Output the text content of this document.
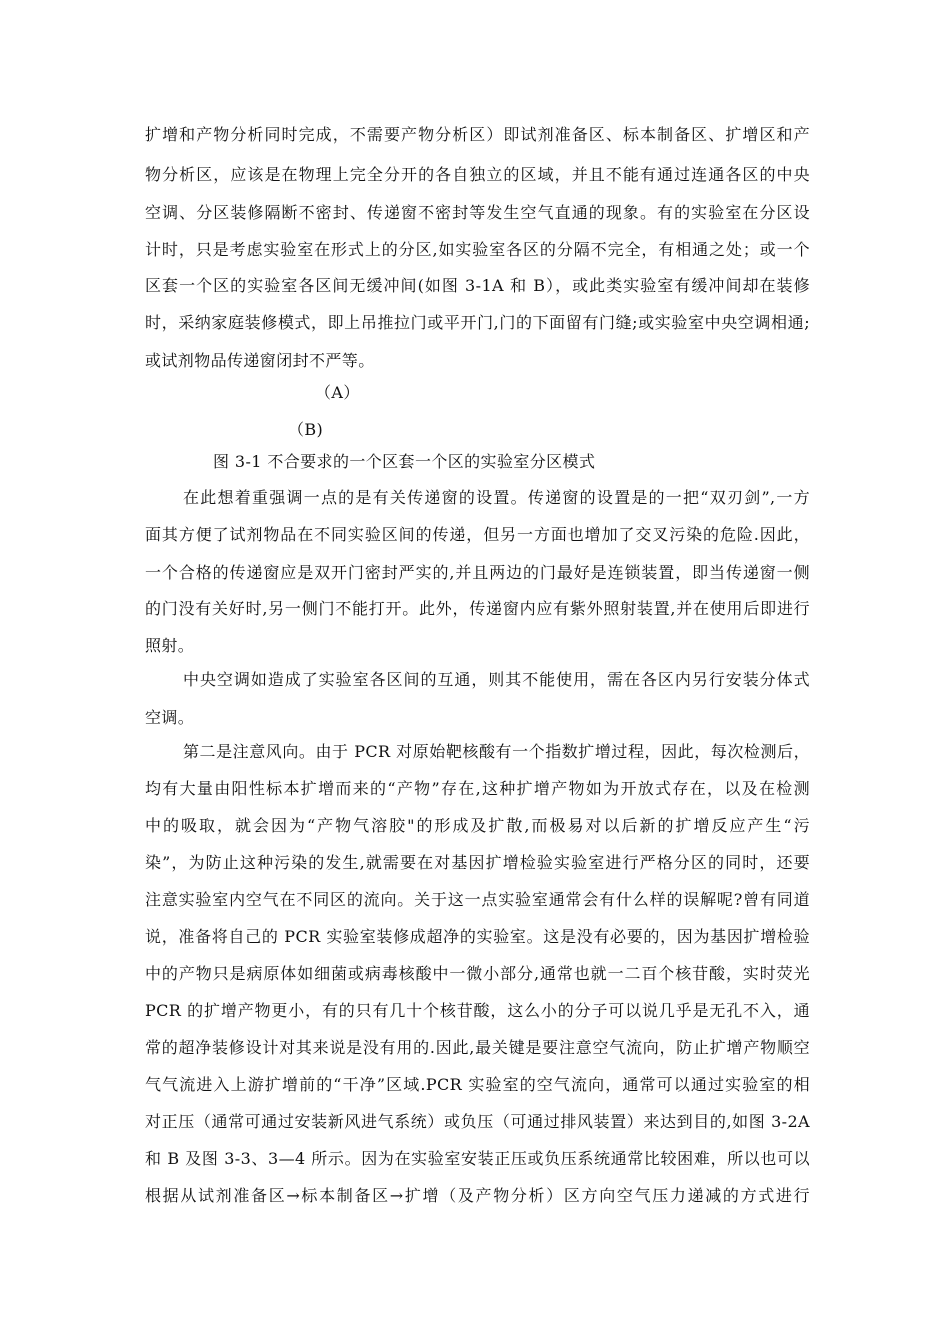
扩增和产物分析同时完成，不需要产物分析区）即试剂准备区、标本制备区、扩增区和产
物分析区，应该是在物理上完全分开的各自独立的区域，并且不能有通过连通各区的中央
空调、分区装修隔断不密封、传递窗不密封等发生空气直通的现象。有的实验室在分区设
计时，只是考虑实验室在形式上的分区,如实验室各区的分隔不完全，有相通之处；或一个
区套一个区的实验室各区间无缓冲间(如图 3-1A 和 B），或此类实验室有缓冲间却在装修
时，采纳家庭装修模式，即上吊推拉门或平开门,门的下面留有门缝;或实验室中央空调相通;
或试剂物品传递窗闭封不严等。
（A）
（B)
图 3-1 不合要求的一个区套一个区的实验室分区模式
在此想着重强调一点的是有关传递窗的设置。传递窗的设置是的一把“双刃剑”,一方
面其方便了试剂物品在不同实验区间的传递，但另一方面也增加了交叉污染的危险.因此，
一个合格的传递窗应是双开门密封严实的,并且两边的门最好是连锁装置，即当传递窗一侧
的门没有关好时,另一侧门不能打开。此外，传递窗内应有紫外照射装置,并在使用后即进行
照射。
中央空调如造成了实验室各区间的互通，则其不能使用，需在各区内另行安装分体式
空调。
第二是注意风向。由于 PCR 对原始靶核酸有一个指数扩增过程，因此，每次检测后，
均有大量由阳性标本扩增而来的“产物”存在,这种扩增产物如为开放式存在，以及在检测
中的吸取，就会因为“产物气溶胶"的形成及扩散,而极易对以后新的扩增反应产生“污
染”，为防止这种污染的发生,就需要在对基因扩增检验实验室进行严格分区的同时，还要
注意实验室内空气在不同区的流向。关于这一点实验室通常会有什么样的误解呢?曾有同道
说，准备将自己的 PCR 实验室装修成超净的实验室。这是没有必要的，因为基因扩增检验
中的产物只是病原体如细菌或病毒核酸中一微小部分,通常也就一二百个核苷酸，实时荧光
PCR 的扩增产物更小，有的只有几十个核苷酸，这么小的分子可以说几乎是无孔不入，通
常的超净装修设计对其来说是没有用的.因此,最关键是要注意空气流向，防止扩增产物顺空
气气流进入上游扩增前的“干净”区域.PCR 实验室的空气流向，通常可以通过实验室的相
对正压（通常可通过安装新风进气系统）或负压（可通过排风装置）来达到目的,如图 3-2A
和 B 及图 3-3、3—4 所示。因为在实验室安装正压或负压系统通常比较困难，所以也可以
根据从试剂准备区→标本制备区→扩增（及产物分析）区方向空气压力递减的方式进行
